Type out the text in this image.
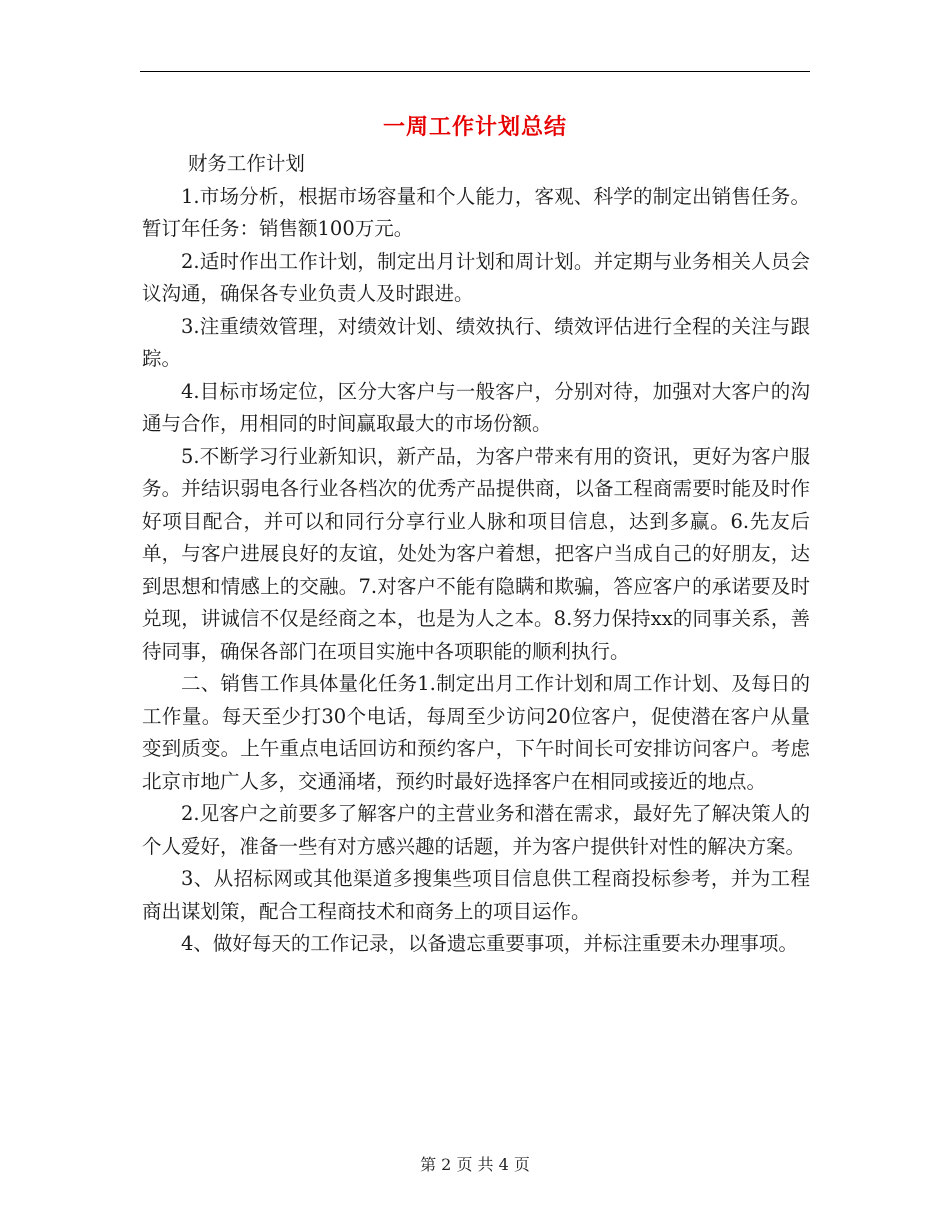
一周工作计划总结

财务工作计划

1.市场分析，根据市场容量和个人能力，客观、科学的制定出销售任务。暂订年任务：销售额100万元。

2.适时作出工作计划，制定出月计划和周计划。并定期与业务相关人员会议沟通，确保各专业负责人及时跟进。

3.注重绩效管理，对绩效计划、绩效执行、绩效评估进行全程的关注与跟踪。

4.目标市场定位，区分大客户与一般客户，分别对待，加强对大客户的沟通与合作，用相同的时间赢取最大的市场份额。

5.不断学习行业新知识，新产品，为客户带来有用的资讯，更好为客户服务。并结识弱电各行业各档次的优秀产品提供商，以备工程商需要时能及时作好项目配合，并可以和同行分享行业人脉和项目信息，达到多赢。6.先友后单，与客户进展良好的友谊，处处为客户着想，把客户当成自己的好朋友，达到思想和情感上的交融。7.对客户不能有隐瞒和欺骗，答应客户的承诺要及时兑现，讲诚信不仅是经商之本，也是为人之本。8.努力保持xx的同事关系，善待同事，确保各部门在项目实施中各项职能的顺利执行。

二、销售工作具体量化任务1.制定出月工作计划和周工作计划、及每日的工作量。每天至少打30个电话，每周至少访问20位客户，促使潜在客户从量变到质变。上午重点电话回访和预约客户，下午时间长可安排访问客户。考虑北京市地广人多，交通涌堵，预约时最好选择客户在相同或接近的地点。

2.见客户之前要多了解客户的主营业务和潜在需求，最好先了解决策人的个人爱好，准备一些有对方感兴趣的话题，并为客户提供针对性的解决方案。

3、从招标网或其他渠道多搜集些项目信息供工程商投标参考，并为工程商出谋划策，配合工程商技术和商务上的项目运作。

4、做好每天的工作记录，以备遗忘重要事项，并标注重要未办理事项。

第 2 页 共 4 页
